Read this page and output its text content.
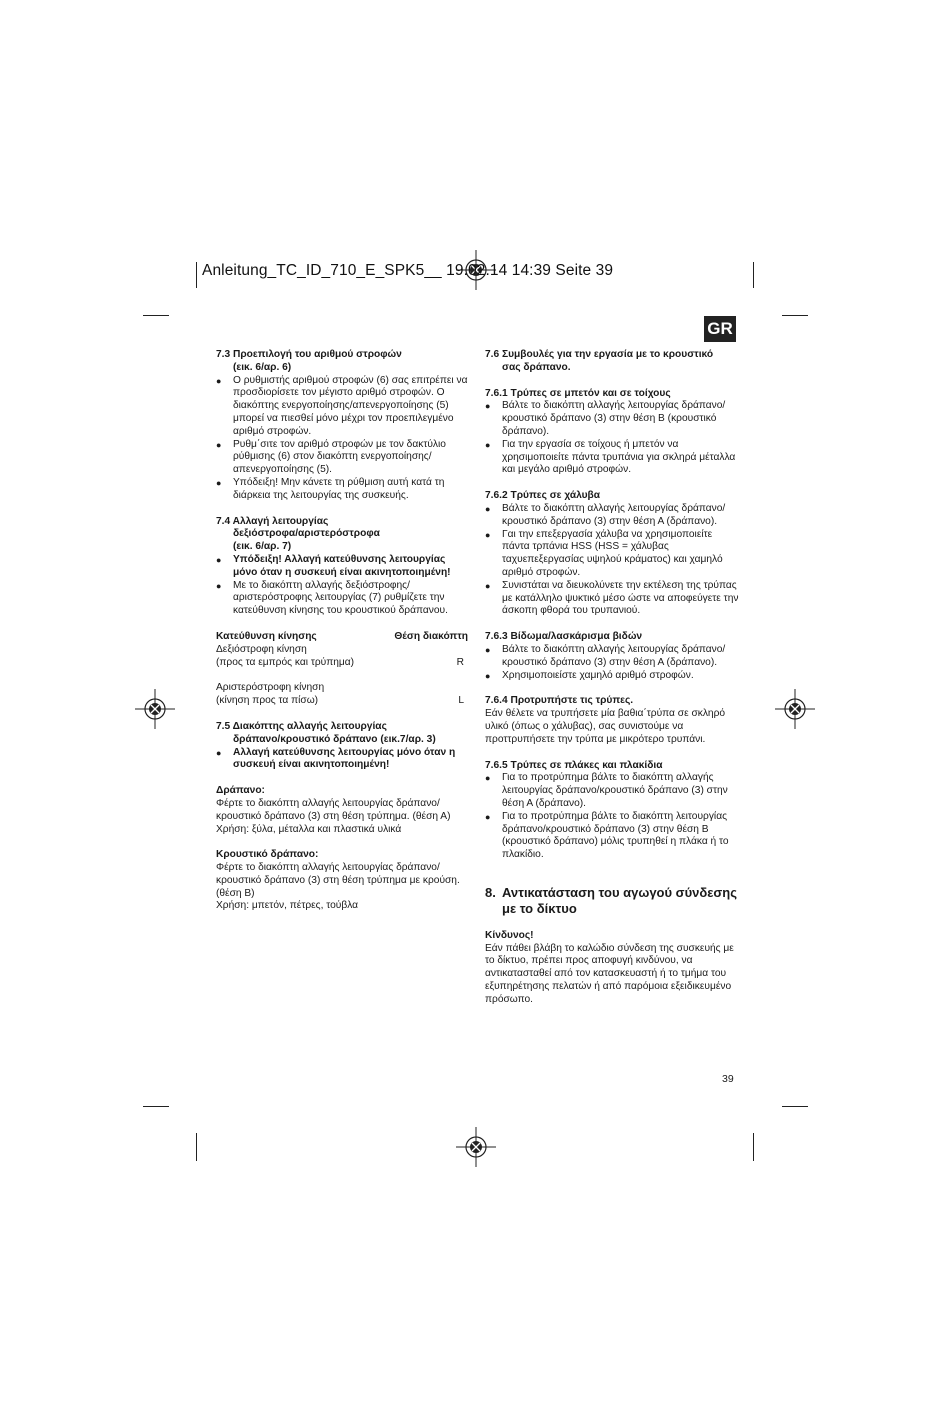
Anleitung_TC_ID_710_E_SPK5__ 19.02.14 14:39 Seite 39
GR
7.3 Προεπιλογή του αριθμού στροφών
(εικ. 6/αρ. 6)
● Ο ρυθμιστής αριθμού στροφών (6) σας επιτρέπει να προσδιορίσετε τον μέγιστο αριθμό στροφών. Ο διακόπτης ενεργοποίησης/απενεργοποίησης (5) μπορεί να πιεσθεί μόνο μέχρι τον προεπιλεγμένο αριθμό στροφών.
● Ρυθμ΄σιτε τον αριθμό στροφών με τον δακτύλιο ρύθμισης (6) στον διακόπτη ενεργοποίησης/απενεργοποίησης (5).
● Υπόδειξη! Μην κάνετε τη ρύθμιση αυτή κατά τη διάρκεια της λειτουργίας της συσκευής.
7.4 Αλλαγή λειτουργίας
δεξιόστροφα/αριστερόστροφα
(εικ. 6/αρ. 7)
● Υπόδειξη! Αλλαγή κατεύθυνσης λειτουργίας μόνο όταν η συσκευή είναι ακινητοποιημένη!
● Με το διακόπτη αλλαγής δεξιόστροφης/αριστερόστροφης λειτουργίας (7) ρυθμίζετε την κατεύθυνση κίνησης του κρουστικού δράπανου.
Κατεύθυνση κίνησης	Θέση διακόπτη
Δεξιόστροφη κίνηση
(προς τα εμπρός και τρύπημα)	R
Αριστερόστροφη κίνηση
(κίνηση προς τα πίσω)	L
7.5 Διακόπτης αλλαγής λειτουργίας
δράπανο/κρουστικό δράπανο (εικ.7/αρ. 3)
● Αλλαγή κατεύθυνσης λειτουργίας μόνο όταν η συσκευή είναι ακινητοποιημένη!
Δράπανο:
Φέρτε το διακόπτη αλλαγής λειτουργίας δράπανο/κρουστικό δράπανο (3) στη θέση τρύπημα. (θέση Α)
Χρήση: ξύλα, μέταλλα και πλαστικά υλικά
Κρουστικό δράπανο:
Φέρτε το διακόπτη αλλαγής λειτουργίας δράπανο/κρουστικό δράπανο (3) στη θέση τρύπημα με κρούση. (θέση Β)
Χρήση: μπετόν, πέτρες, τούβλα
7.6 Συμβουλές για την εργασία με το κρουστικό
σας δράπανο.
7.6.1 Τρύπες σε μπετόν και σε τοίχους
● Βάλτε το διακόπτη αλλαγής λειτουργίας δράπανο/κρουστικό δράπανο (3) στην θέση Β (κρουστικό δράπανο).
● Για την εργασία σε τοίχους ή μπετόν να χρησιμοποιείτε πάντα τρυπάνια για σκληρά μέταλλα και μεγάλο αριθμό στροφών.
7.6.2 Τρύπες σε χάλυβα
● Βάλτε το διακόπτη αλλαγής λειτουργίας δράπανο/κρουστικό δράπανο (3) στην θέση Α (δράπανο).
● Γαι την επεξεργασία χάλυβα να χρησιμοποιείτε πάντα τρπάνια HSS (HSS = χάλυβας ταχυεπεξεργασίας υψηλού κράματος) και χαμηλό αριθμό στροφών.
● Συνιστάται να διευκολύνετε την εκτέλεση της τρύπας με κατάλληλο ψυκτικό μέσο ώστε να αποφεύγετε την άσκοπη φθορά του τρυπανιού.
7.6.3 Βίδωμα/λασκάρισμα βιδών
● Βάλτε το διακόπτη αλλαγής λειτουργίας δράπανο/κρουστικό δράπανο (3) στην θέση Α (δράπανο).
● Χρησιμοποιείστε χαμηλό αριθμό στροφών.
7.6.4 Προτρυπήστε τις τρύπες.
Εάν θέλετε να τρυπήσετε μία βαθια΄τρύπα σε σκληρό υλικό (όπως ο χάλυβας), σας συνιστούμε να προττρυπήσετε την τρύπα με μικρότερο τρυπάνι.
7.6.5 Τρύπες σε πλάκες και πλακίδια
● Για το προτρύπημα βάλτε το διακόπτη αλλαγής λειτουργίας δράπανο/κρουστικό δράπανο (3) στην θέση Α (δράπανο).
● Για το προτρύπημα βάλτε το διακόπτη λειτουργίας δράπανο/κρουστικό δράπανο (3) στην θέση Β (κρουστικό δράπανο) μόλις τρυπηθεί η πλάκα ή το πλακίδιο.
8. Αντικατάσταση του αγωγού σύνδεσης με το δίκτυο
Κίνδυνος!
Εάν πάθει βλάβη το καλώδιο σύνδεση της συσκευής με το δίκτυο, πρέπει προς αποφυγή κινδύνου, να αντικατασταθεί από τον κατασκευαστή ή το τμήμα του εξυπηρέτησης πελατών ή από παρόμοια εξειδικευμένο πρόσωπο.
39
